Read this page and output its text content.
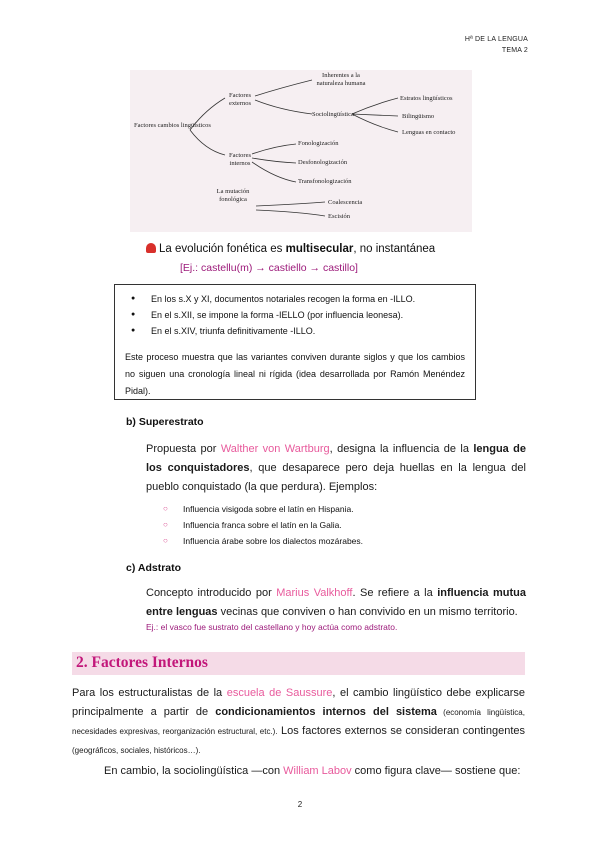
Hª DE LA LENGUA
TEMA 2
Factores cambios lingüísticos
Factores externos
Inherentes a la naturaleza humana
Sociolingüística
Estratos lingüísticos
Bilingüismo
Lenguas en contacto
Factores internos
Fonologización
Desfonologización
Transfonologización
La mutación fonológica	Coalescencia
Escisión
La evolución fonética es multisecular, no instantánea
[Ej.: castellu(m) → castiello → castillo]
● En los s.X y XI, documentos notariales recogen la forma en -ILLO.
● En el s.XII, se impone la forma -IELLO (por influencia leonesa).
● En el s.XIV, triunfa definitivamente -ILLO.
Este proceso muestra que las variantes conviven durante siglos y que los cambios no siguen una cronología lineal ni rígida (idea desarrollada por Ramón Menéndez Pidal).
b) Superestrato
Propuesta por Walther von Wartburg, designa la influencia de la lengua de los conquistadores, que desaparece pero deja huellas en la lengua del pueblo conquistado (la que perdura). Ejemplos:
○ Influencia visigoda sobre el latín en Hispania.
○ Influencia franca sobre el latín en la Galia.
○ Influencia árabe sobre los dialectos mozárabes.
c) Adstrato
Concepto introducido por Marius Valkhoff. Se refiere a la influencia mutua entre lenguas vecinas que conviven o han convivido en un mismo territorio.
Ej.: el vasco fue sustrato del castellano y hoy actúa como adstrato.
2. Factores Internos
Para los estructuralistas de la escuela de Saussure, el cambio lingüístico debe explicarse principalmente a partir de condicionamientos internos del sistema (economía lingüística, necesidades expresivas, reorganización estructural, etc.). Los factores externos se consideran contingentes (geográficos, sociales, históricos…).
En cambio, la sociolingüística —con William Labov como figura clave— sostiene que:
2
